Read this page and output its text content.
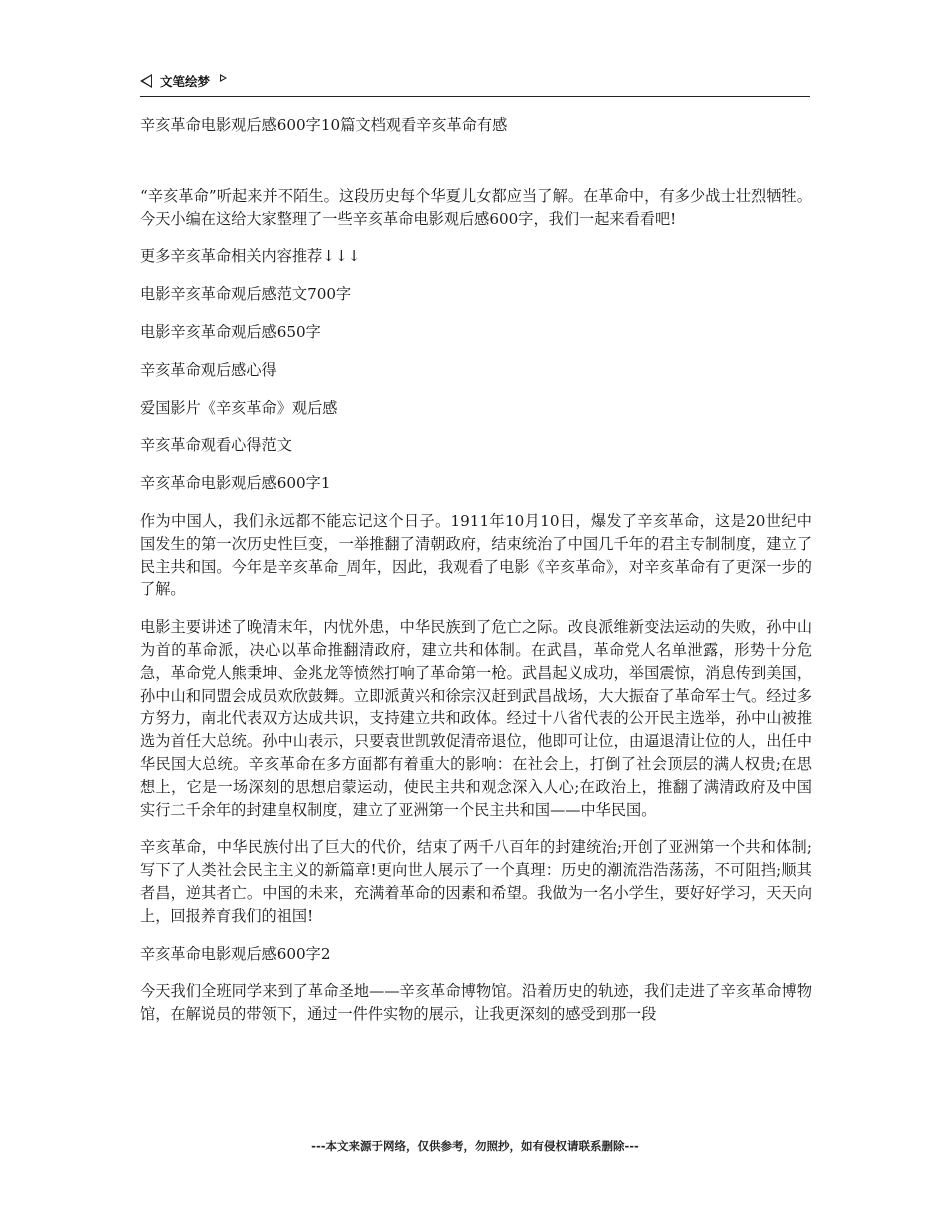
文笔绘梦

辛亥革命电影观后感600字10篇文档观看辛亥革命有感

“辛亥革命”听起来并不陌生。这段历史每个华夏儿女都应当了解。在革命中，有多少战士壮烈牺牲。今天小编在这给大家整理了一些辛亥革命电影观后感600字，我们一起来看看吧!

更多辛亥革命相关内容推荐↓↓↓

电影辛亥革命观后感范文700字

电影辛亥革命观后感650字

辛亥革命观后感心得

爱国影片《辛亥革命》观后感

辛亥革命观看心得范文

辛亥革命电影观后感600字1

作为中国人，我们永远都不能忘记这个日子。1911年10月10日，爆发了辛亥革命，这是20世纪中国发生的第一次历史性巨变，一举推翻了清朝政府，结束统治了中国几千年的君主专制制度，建立了民主共和国。今年是辛亥革命_周年，因此，我观看了电影《辛亥革命》，对辛亥革命有了更深一步的了解。

电影主要讲述了晚清末年，内忧外患，中华民族到了危亡之际。改良派维新变法运动的失败，孙中山为首的革命派，决心以革命推翻清政府，建立共和体制。在武昌，革命党人名单泄露，形势十分危急，革命党人熊秉坤、金兆龙等愤然打响了革命第一枪。武昌起义成功，举国震惊，消息传到美国，孙中山和同盟会成员欢欣鼓舞。立即派黄兴和徐宗汉赶到武昌战场，大大振奋了革命军士气。经过多方努力，南北代表双方达成共识，支持建立共和政体。经过十八省代表的公开民主选举，孙中山被推选为首任大总统。孙中山表示，只要袁世凯敦促清帝退位，他即可让位，由逼退清让位的人，出任中华民国大总统。辛亥革命在多方面都有着重大的影响：在社会上，打倒了社会顶层的满人权贵;在思想上，它是一场深刻的思想启蒙运动，使民主共和观念深入人心;在政治上，推翻了满清政府及中国实行二千余年的封建皇权制度，建立了亚洲第一个民主共和国——中华民国。

辛亥革命，中华民族付出了巨大的代价，结束了两千八百年的封建统治;开创了亚洲第一个共和体制;写下了人类社会民主主义的新篇章!更向世人展示了一个真理：历史的潮流浩浩荡荡，不可阻挡;顺其者昌，逆其者亡。中国的未来，充满着革命的因素和希望。我做为一名小学生，要好好学习，天天向上，回报养育我们的祖国!

辛亥革命电影观后感600字2

今天我们全班同学来到了革命圣地——辛亥革命博物馆。沿着历史的轨迹，我们走进了辛亥革命博物馆，在解说员的带领下，通过一件件实物的展示，让我更深刻的感受到那一段

---本文来源于网络，仅供参考，勿照抄，如有侵权请联系删除---
